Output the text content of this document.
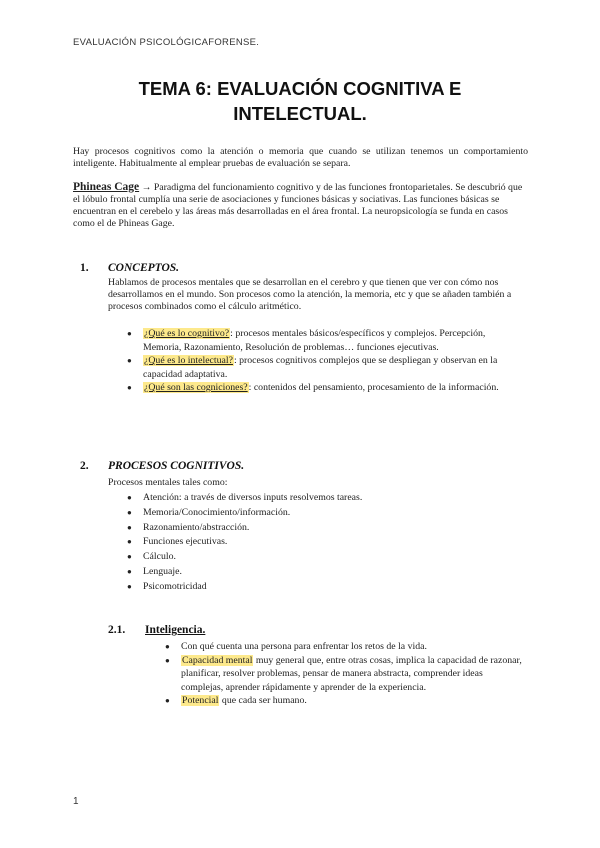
EVALUACIÓN PSICOLÓGICAFORENSE.
TEMA 6: EVALUACIÓN COGNITIVA E
INTELECTUAL.
Hay procesos cognitivos como la atención o memoria que cuando se utilizan tenemos un comportamiento inteligente. Habitualmente al emplear pruebas de evaluación se separa.
Phineas Cage → Paradigma del funcionamiento cognitivo y de las funciones frontoparietales. Se descubrió que el lóbulo frontal cumplía una serie de asociaciones y funciones básicas y sociativas. Las funciones básicas se encuentran en el cerebelo y las áreas más desarrolladas en el área frontal. La neuropsicología se funda en casos como el de Phineas Gage.
1. CONCEPTOS.
Hablamos de procesos mentales que se desarrollan en el cerebro y que tienen que ver con cómo nos desarrollamos en el mundo. Son procesos como la atención, la memoria, etc y que se añaden también a procesos combinados como el cálculo aritmético.
● ¿Qué es lo cognitivo?: procesos mentales básicos/específicos y complejos. Percepción, Memoria, Razonamiento, Resolución de problemas… funciones ejecutivas.
● ¿Qué es lo intelectual?: procesos cognitivos complejos que se despliegan y observan en la capacidad adaptativa.
● ¿Qué son las cogniciones?: contenidos del pensamiento, procesamiento de la información.
2. PROCESOS COGNITIVOS.
Procesos mentales tales como:
● Atención: a través de diversos inputs resolvemos tareas.
● Memoria/Conocimiento/información.
● Razonamiento/abstracción.
● Funciones ejecutivas.
● Cálculo.
● Lenguaje.
● Psicomotricidad
2.1. Inteligencia.
● Con qué cuenta una persona para enfrentar los retos de la vida.
● Capacidad mental muy general que, entre otras cosas, implica la capacidad de razonar, planificar, resolver problemas, pensar de manera abstracta, comprender ideas complejas, aprender rápidamente y aprender de la experiencia.
● Potencial que cada ser humano.
1
